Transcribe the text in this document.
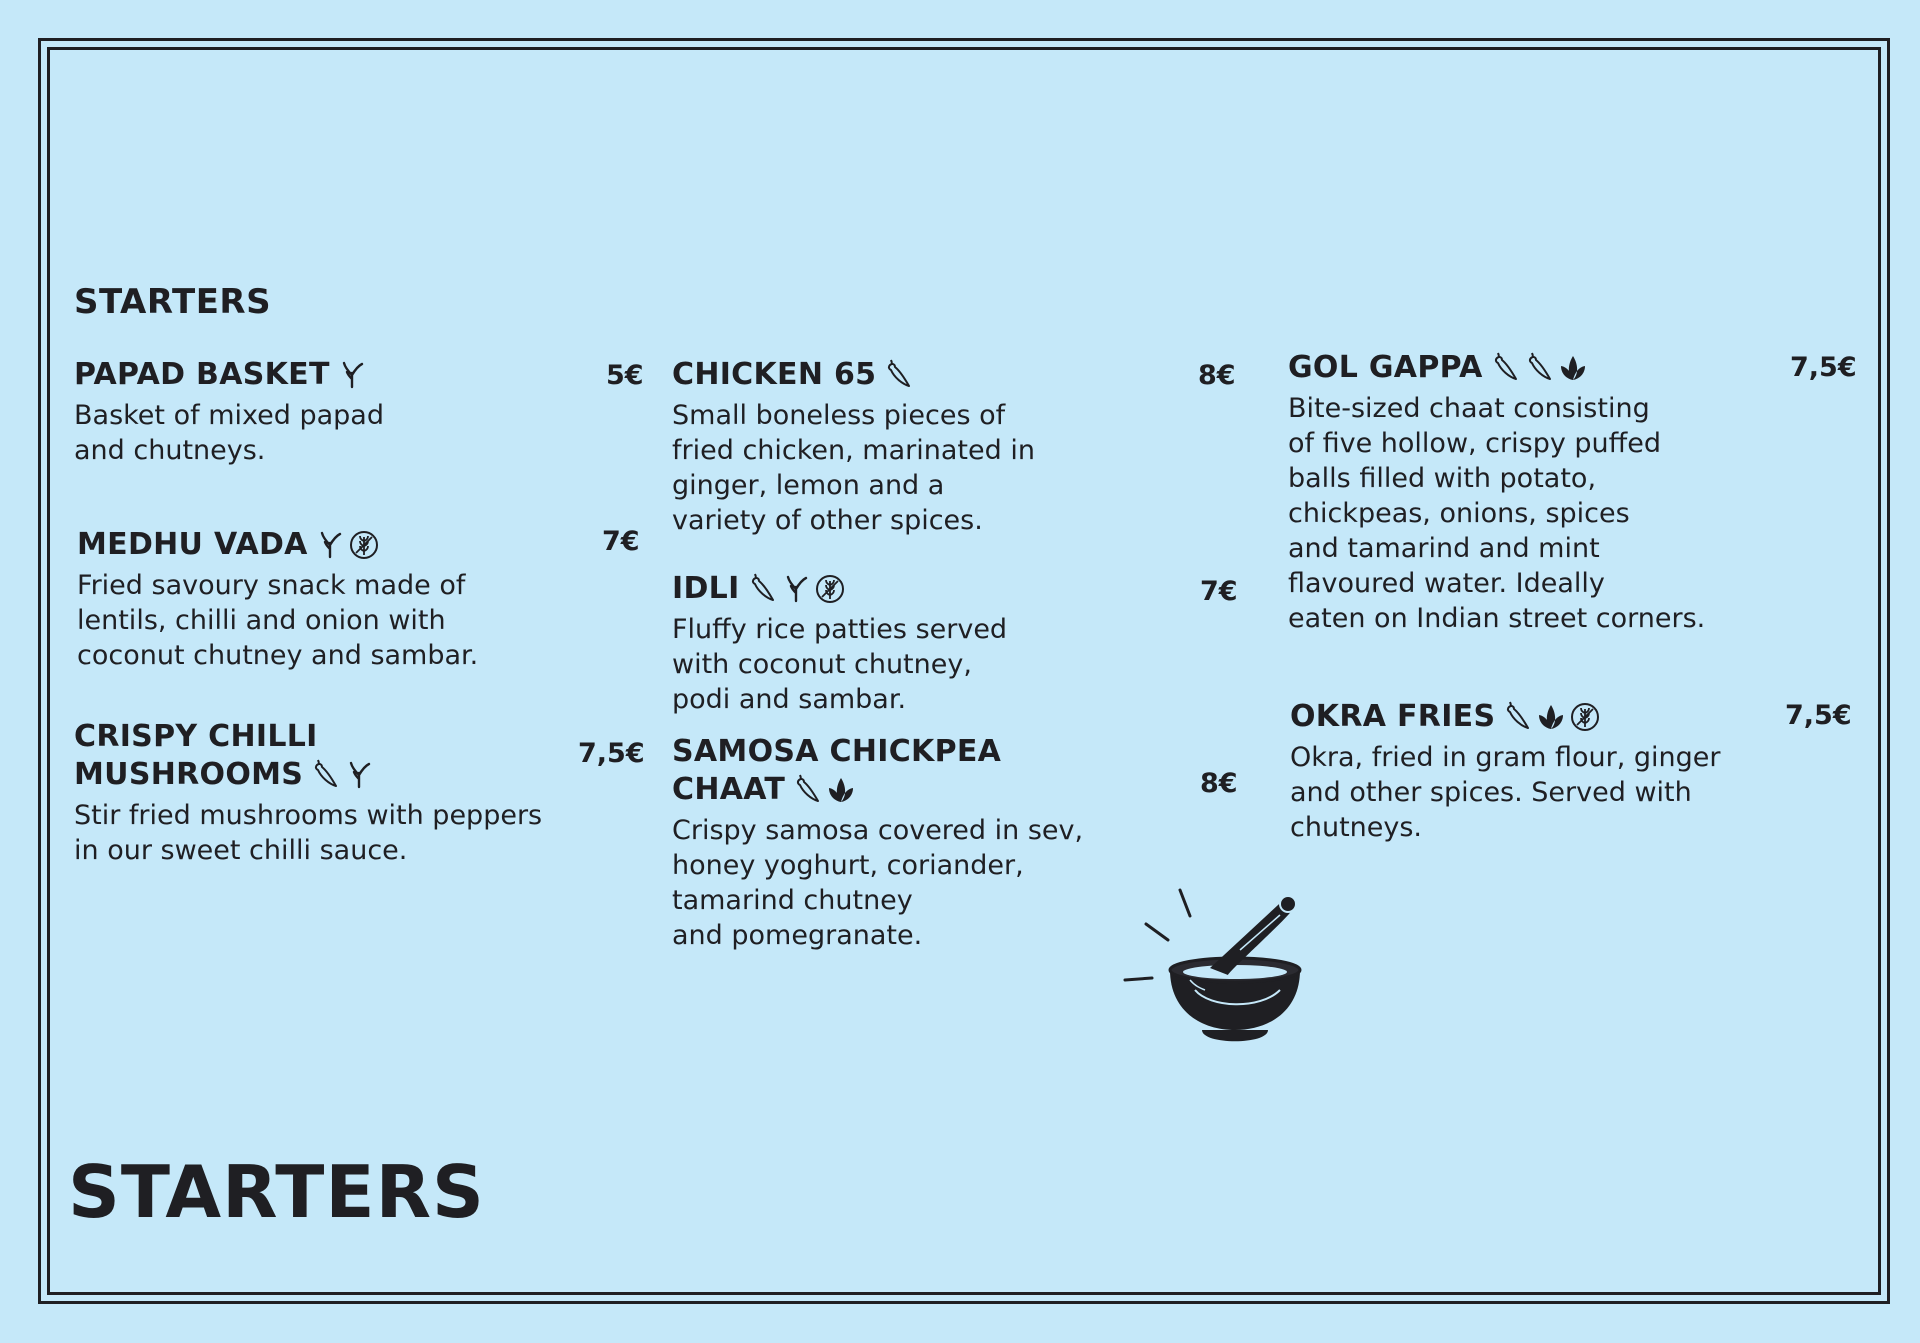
STARTERS
PAPAD BASKET
Basket of mixed papad
and chutneys.
5€
MEDHU VADA
Fried savoury snack made of
lentils, chilli and onion with
coconut chutney and sambar.
7€
CRISPY CHILLI
MUSHROOMS
Stir fried mushrooms with peppers
in our sweet chilli sauce.
7,5€
CHICKEN 65
Small boneless pieces of
fried chicken, marinated in
ginger, lemon and a
variety of other spices.
8€
IDLI
Fluffy rice patties served
with coconut chutney,
podi and sambar.
7€
SAMOSA CHICKPEA
CHAAT
Crispy samosa covered in sev,
honey yoghurt, coriander,
tamarind chutney
and pomegranate.
8€
GOL GAPPA
Bite-sized chaat consisting
of five hollow, crispy puffed
balls filled with potato,
chickpeas, onions, spices
and tamarind and mint
flavoured water. Ideally
eaten on Indian street corners.
7,5€
OKRA FRIES
Okra, fried in gram flour, ginger
and other spices. Served with
chutneys.
7,5€
STARTERS
